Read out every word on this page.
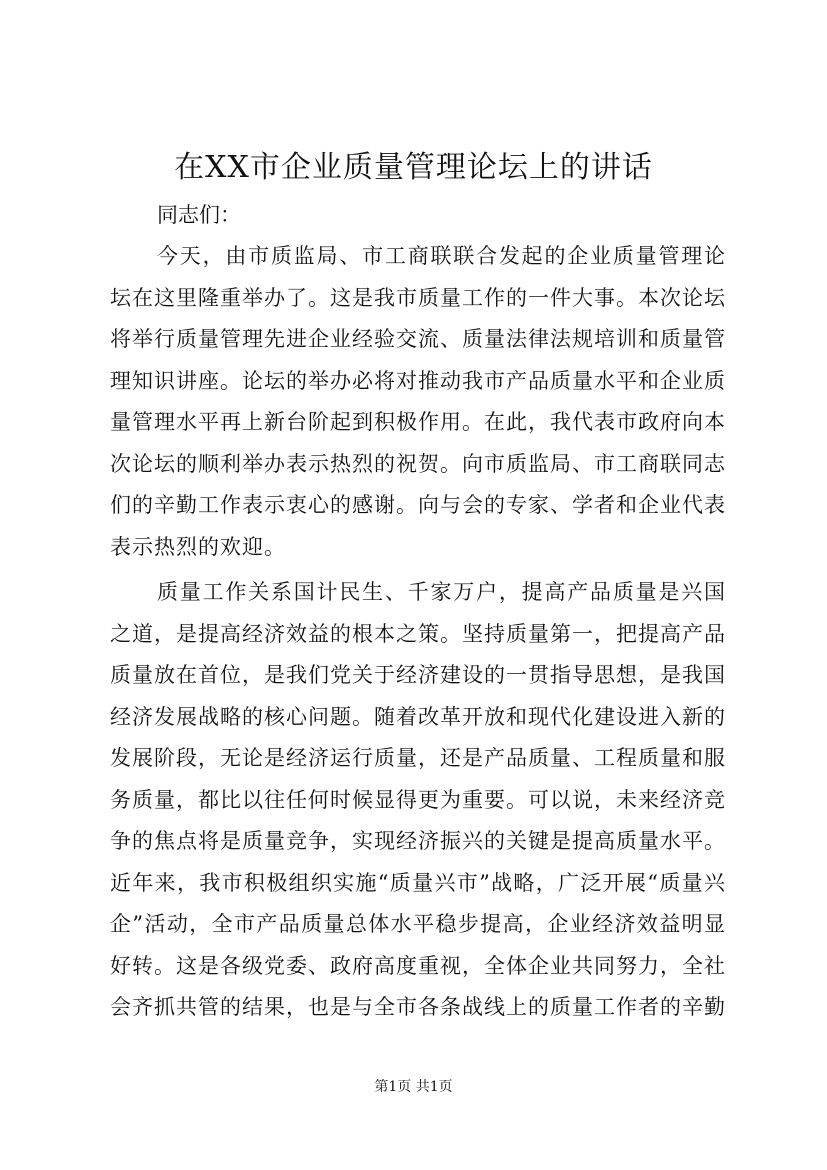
在XX市企业质量管理论坛上的讲话

同志们：

今天，由市质监局、市工商联联合发起的企业质量管理论坛在这里隆重举办了。这是我市质量工作的一件大事。本次论坛将举行质量管理先进企业经验交流、质量法律法规培训和质量管理知识讲座。论坛的举办必将对推动我市产品质量水平和企业质量管理水平再上新台阶起到积极作用。在此，我代表市政府向本次论坛的顺利举办表示热烈的祝贺。向市质监局、市工商联同志们的辛勤工作表示衷心的感谢。向与会的专家、学者和企业代表表示热烈的欢迎。

质量工作关系国计民生、千家万户，提高产品质量是兴国之道，是提高经济效益的根本之策。坚持质量第一，把提高产品质量放在首位，是我们党关于经济建设的一贯指导思想，是我国经济发展战略的核心问题。随着改革开放和现代化建设进入新的发展阶段，无论是经济运行质量，还是产品质量、工程质量和服务质量，都比以往任何时候显得更为重要。可以说，未来经济竞争的焦点将是质量竞争，实现经济振兴的关键是提高质量水平。近年来，我市积极组织实施“质量兴市”战略，广泛开展“质量兴企”活动，全市产品质量总体水平稳步提高，企业经济效益明显好转。这是各级党委、政府高度重视，全体企业共同努力，全社会齐抓共管的结果，也是与全市各条战线上的质量工作者的辛勤

第1页 共1页
